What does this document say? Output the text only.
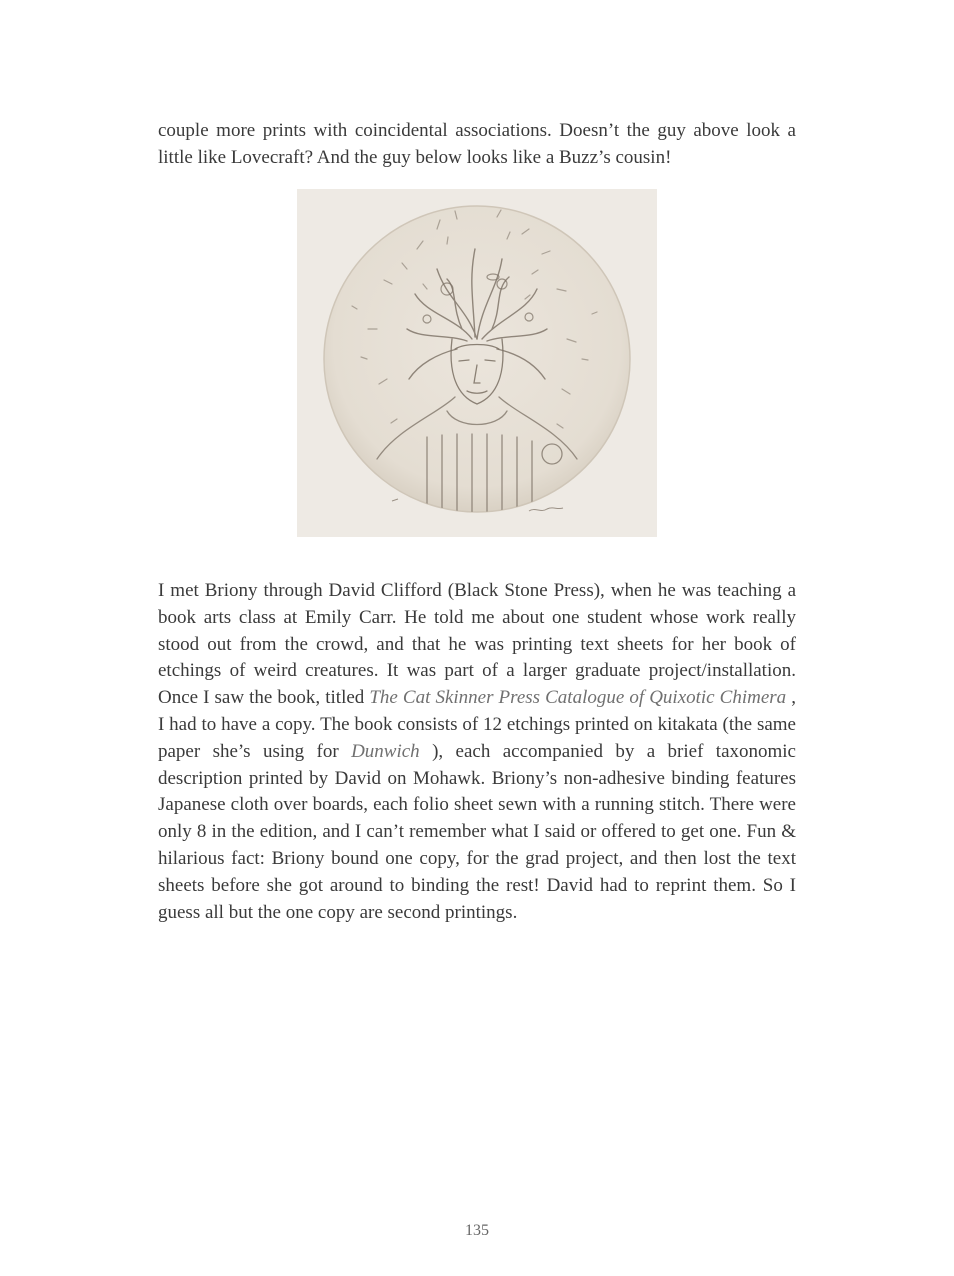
couple more prints with coincidental associations. Doesn’t the guy above look a little like Lovecraft? And the guy below looks like a Buzz’s cousin!

I met Briony through David Clifford (Black Stone Press), when he was teaching a book arts class at Emily Carr. He told me about one student whose work really stood out from the crowd, and that he was printing text sheets for her book of etchings of weird creatures. It was part of a larger graduate project/installation. Once I saw the book, titled The Cat Skinner Press Catalogue of Quixotic Chimera , I had to have a copy. The book consists of 12 etchings printed on kitakata (the same paper she’s using for Dunwich ), each accompanied by a brief taxonomic description printed by David on Mohawk. Briony’s non-adhesive binding features Japanese cloth over boards, each folio sheet sewn with a running stitch. There were only 8 in the edition, and I can’t remember what I said or offered to get one. Fun & hilarious fact: Briony bound one copy, for the grad project, and then lost the text sheets before she got around to binding the rest! David had to reprint them. So I guess all but the one copy are second printings.

135
